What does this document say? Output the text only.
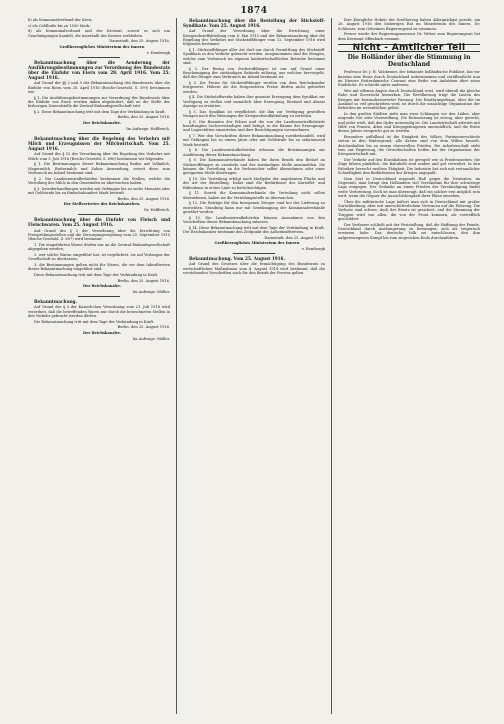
1874

b) als Kommunalverband der Kreis,

c) als Geldbuße bis zu 1500 Mark,

d) als Kommunalverband und der Kreisrat, soweit es sich um Genehmigungen handelt, die innerhalb des Kreises verbleiben.

Darmstadt, den 25. August 1916.

Großherzogliches Ministerium des Innern

v. Hombergk

Bekanntmachung über die Aenderung der Ausführungsbestimmungen zur Verordnung des Bundesrats über die Einfuhr von Eiern vom 28. April 1916. Vom 25. August 1916.

Auf Grund der §§ 2 und 5 der Bekanntmachung des Bundesrats über die Einfuhr von Eiern vom 28. April 1916 (Reichs-Gesetzbl. S. 399) bestimmen wir:

§ 1. Die Ausführungsbestimmungen zur Verordnung des Bundesrats über die Einfuhr von Eiern werden dahin abgeändert, daß an die Stelle der bisherigen Zentralstelle die Zentral-Einkaufsgesellschaft tritt.

§ 2. Diese Bekanntmachung tritt mit dem Tage der Verkündung in Kraft.

Berlin, den 25. August 1916.

Der Reichskanzler.

Im Auftrage: Helfferich.

Bekanntmachung über die Regelung des Verkehrs mit Milch und Erzeugnissen der Milchwirtschaft. Vom 25. August 1916.

Auf Grund des § 12 der Verordnung über die Regelung des Verkehrs mit Milch vom 3. Juli 1916 (Reichs-Gesetzbl. S. 696) bestimmen wir folgendes:

§ 1. Die Bestimmungen dieser Bekanntmachung finden auf Vollmilch, Magermilch, Buttermilch und Sahne Anwendung, soweit diese zum Verbrauch im Inland bestimmt sind.

§ 2. Die Landeszentralbehörden bestimmen die Stellen, welche die Verteilung der Milch in den Gemeinden zu überwachen haben.

§ 3. Zuwiderhandlungen werden mit Gefängnis bis zu sechs Monaten oder mit Geldstrafe bis zu fünfzehnhundert Mark bestraft.

Berlin, den 25. August 1916.

Der Stellvertreter des Reichskanzlers.

Dr. Helfferich.

Bekanntmachung über die Einfuhr von Fleisch und Fleischwaren. Vom 25. August 1916.

Auf Grund des § 2 der Verordnung über die Errichtung von Preisprüfungsstellen und die Versorgungsregelung vom 25. September 1915 (Reichs-Gesetzbl. S. 607) wird bestimmt:

1. Die eingeführten Waren dürfen nur an die Zentral-Einkaufsgesellschaft abgegeben werden;

2. wer solche Waren eingeführt hat, ist verpflichtet, sie auf Verlangen der Gesellschaft zu überlassen;

3. die Bestimmungen gelten nicht für Waren, die vor dem Inkrafttreten dieser Bekanntmachung eingeführt sind.

Diese Bekanntmachung tritt mit dem Tage der Verkündung in Kraft.

Berlin, den 25. August 1916.

Der Reichskanzler.

Im Auftrage: Müller.

Bekanntmachung.

Auf Grund des § 3 der Kaiserlichen Verordnung vom 21. Juli 1916 wird verordnet, daß die betreffenden Waren nur durch die bezeichneten Stellen in den Verkehr gebracht werden dürfen.

Die Bekanntmachung tritt mit dem Tage der Verkündung in Kraft.

Berlin, den 25. August 1916.

Der Reichskanzler.

Im Auftrage: Müller.

Bekanntmachung über die Bestellung der Stickstoff-Syndikate. Vom 25. August 1916.

Auf Grund der Verordnung über die Errichtung einer Kriegsrohstoffabteilung vom 8. Mai 1915 und der Bekanntmachung über die Regelung des Verkehrs mit Stickstoffdünger vom 12. September 1916 wird folgendes bestimmt:

§ 1. Stickstoffdünger aller Art darf nur durch Vermittlung des Stickstoff-Syndikats in den Verkehr gebracht werden. Ausgenommen sind die Mengen, welche zum Verbrauch im eigenen landwirtschaftlichen Betriebe bestimmt sind.

§ 2. Der Bezug von Stickstoffdünger ist nur auf Grund einer Bescheinigung der zuständigen Behörde zulässig, aus welcher hervorgeht, daß der Dünger zum Verbrauch im Inland bestimmt ist.

§ 3. Die Preise für Stickstoffdünger werden von dem Reichskanzler festgesetzt. Höhere als die festgesetzten Preise dürfen nicht gefordert werden.

§ 4. Die Stickstoffwerke haben ihre gesamte Erzeugung dem Syndikat zur Verfügung zu stellen und monatlich über Erzeugung, Bestand und Absatz Anzeige zu erstatten.

§ 5. Das Syndikat ist verpflichtet, die ihm zur Verfügung gestellten Mengen nach den Weisungen der Kriegsrohstoffabteilung zu verteilen.

§ 6. Die Beamten der Polizei und die von der Landeszentralbehörde beauftragten Sachverständigen sind befugt, in die Räume der Erzeugungs- und Lagerstätten einzutreten und dort Besichtigungen vorzunehmen.

§ 7. Wer den Vorschriften dieser Bekanntmachung zuwiderhandelt, wird mit Gefängnis bis zu einem Jahre oder mit Geldstrafe bis zu zehntausend Mark bestraft.

§ 8. Die Landeszentralbehörden erlassen die Bestimmungen zur Ausführung dieser Bekanntmachung.

§ 9. Die Kommunalverbände haben für ihren Bezirk den Bedarf an Stickstoffdünger zu ermitteln und der zuständigen Stelle anzumelden. Sie können die Verteilung an die Verbraucher selbst übernehmen oder einer geeigneten Stelle übertragen.

§ 10. Die Verteilung erfolgt nach Maßgabe der angebauten Fläche und der Art der Bestellung. Dabei sind die Bedürfnisse des Kartoffel- und Rübenbaus in erster Linie zu berücksichtigen.

§ 11. Soweit die Kommunalverbände die Verteilung nicht selbst übernehmen, haben sie die Verteilungsstelle zu überwachen.

§ 12. Die Beträge für den bezogenen Dünger sind bei der Lieferung zu entrichten. Stundung kann nur mit Genehmigung der Kommunalverbände gewährt werden.

§ 13. Die Landeszentralbehörden können Ausnahmen von den Vorschriften dieser Bekanntmachung zulassen.

§ 14. Diese Bekanntmachung tritt mit dem Tage der Verkündung in Kraft. Der Reichskanzler bestimmt den Zeitpunkt des Außerkrafttretens.

Darmstadt, den 25. August 1916.

Großherzogliches Ministerium des Innern

v. Hombergk

Bekanntmachung. Vom 25. August 1916.

Auf Grund des Gesetzes über die Ermächtigung des Bundesrats zu wirtschaftlichen Maßnahmen vom 4. August 1914 wird bestimmt, daß die vorstehenden Vorschriften auch für den Bezirk der Provinz gelten.

Ihre Königliche Hoheit der Großherzog haben Allergnädigst geruht, am 26. August 1916 den bisherigen Rat im Ministerium des Innern, Dr. Schlosser, zum Geheimen Regierungsrat zu ernennen.

Ferner wurde der Regierungsassessor Dr. Weber zum Regierungsrat bei dem Kreisamt Offenbach ernannt.

Nicht - Amtlicher Teil
Die Holländer über die Stimmung in Deutschland

Professor Dr. J. H. Valckenier, der bekannte holländische Publizist, hat vor kurzem eine Reise durch Deutschland unternommen und veröffentlicht nun im Nieuwe Rotterdamsche Courant eine Reihe von Aufsätzen über seine Eindrücke. Er schreibt unter anderem:

Wer mit offenen Augen durch Deutschland reist, wird überall die gleiche Ruhe und Zuversicht bemerken. Die Bevölkerung trägt die Lasten des Krieges mit bewundernswerter Fassung. Die Ernährungsfrage, über die im Ausland so viel geschrieben wird, ist durch die umsichtige Organisation der Behörden im wesentlichen gelöst.

In den großen Städten sieht man zwar Schlangen vor den Läden, aber nirgends Not oder Verzweiflung. Die Rationierung ist streng, aber gerecht, und jeder weiß, daß das Opfer notwendig ist. Die Landwirtschaft arbeitet mit Hilfe von Frauen, Alten und Kriegsgefangenen unermüdlich, und die Ernte dieses Jahres verspricht gut zu werden.

Besonders auffallend ist die Einigkeit des Volkes. Parteiunterschiede treten in den Hintergrund; alle Kreise sind von dem Willen beseelt, durchzuhalten bis zu einem ehrenvollen Frieden. Die Arbeiterschaft steht treu zur Regierung, die Gewerkschaften helfen bei der Organisation der Kriegswirtschaft mit.

Der Verkehr auf den Eisenbahnen ist geregelt wie in Friedenszeiten; die Züge fahren pünktlich, die Bahnhöfe sind sauber und gut verwaltet. In den Fabriken herrscht rastlose Tätigkeit. Die Industrie hat sich mit erstaunlicher Schnelligkeit den Bedürfnissen des Krieges angepaßt.

Man hört in Deutschland nirgends Haß gegen die Neutralen; im Gegenteil, man bringt den Holländern viel Verständnis für ihre schwierige Lage entgegen. Der Gedanke an einen Frieden der Verständigung findet weite Verbreitung, doch ist man überzeugt, daß ein solcher erst möglich sein wird, wenn die Gegner die Aussichtslosigkeit ihrer Pläne einsehen.

Über die militärische Lage äußert man sich in Deutschland mit großer Zurückhaltung, aber mit unerschütterlichem Vertrauen auf die Führung. Die Verluste sind schwer, doch der Ersatz ist gesichert, und die Stimmung der Truppen wird von allen, die von der Front kommen, als vortrefflich geschildert.

Der Verfasser schließt mit der Feststellung, daß die Hoffnung der Feinde, Deutschland durch Aushungerung zu bezwingen, sich als trügerisch erwiesen habe. Das deutsche Volk sei entschlossen, den ihm aufgezwungenen Kampf bis zum siegreichen Ende durchzuführen.
